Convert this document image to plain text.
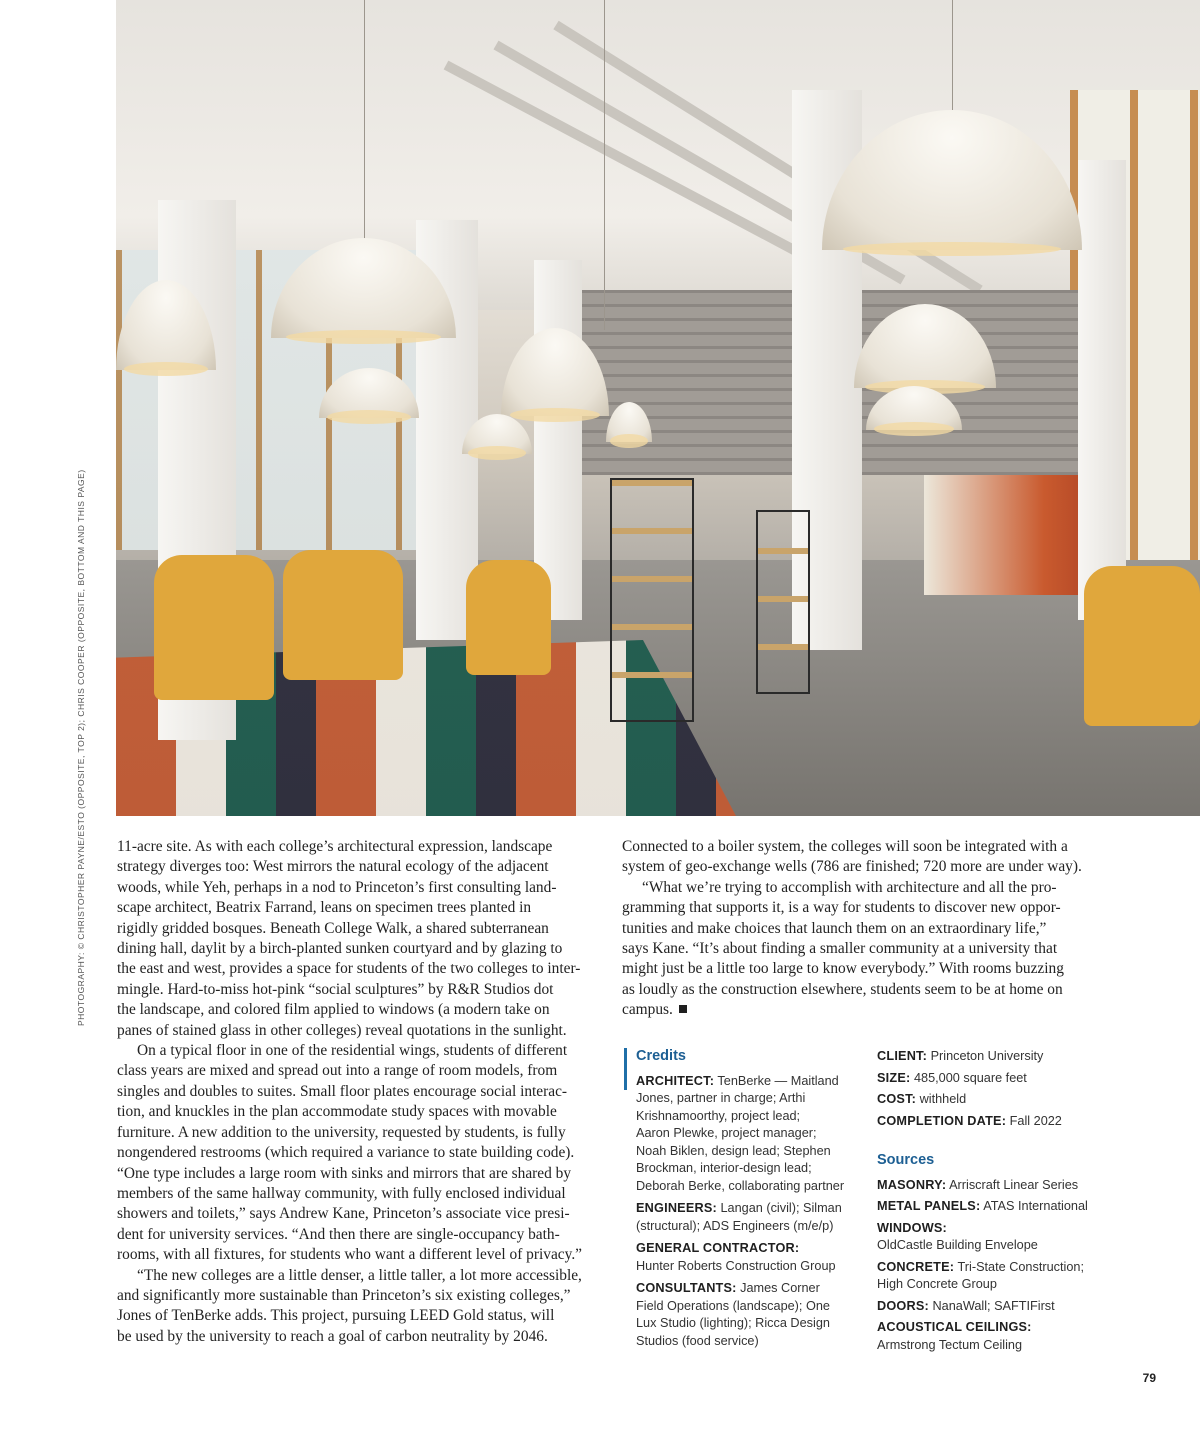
PHOTOGRAPHY: © CHRISTOPHER PAYNE/ESTO (OPPOSITE, TOP 2); CHRIS COOPER (OPPOSITE, BOTTOM AND THIS PAGE) 11-acre site. As with each college’s architectural expression, landscape
strategy diverges too: West mirrors the natural ecology of the adjacent
woods, while Yeh, perhaps in a nod to Princeton’s first consulting land-
scape architect, Beatrix Farrand, leans on specimen trees planted in
rigidly gridded bosques. Beneath College Walk, a shared subterranean
dining hall, daylit by a birch-planted sunken courtyard and by glazing to
the east and west, provides a space for students of the two colleges to inter-
mingle. Hard-to-miss hot-pink “social sculptures” by R&R Studios dot
the landscape, and colored film applied to windows (a modern take on
panes of stained glass in other colleges) reveal quotations in the sunlight.

On a typical floor in one of the residential wings, students of different
class years are mixed and spread out into a range of room models, from
singles and doubles to suites. Small floor plates encourage social interac-
tion, and knuckles in the plan accommodate study spaces with movable
furniture. A new addition to the university, requested by students, is fully
nongendered restrooms (which required a variance to state building code).
“One type includes a large room with sinks and mirrors that are shared by
members of the same hallway community, with fully enclosed individual
showers and toilets,” says Andrew Kane, Princeton’s associate vice presi-
dent for university services. “And then there are single-occupancy bath-
rooms, with all fixtures, for students who want a different level of privacy.”

“The new colleges are a little denser, a little taller, a lot more accessible,
and significantly more sustainable than Princeton’s six existing colleges,”
Jones of TenBerke adds. This project, pursuing LEED Gold status, will
be used by the university to reach a goal of carbon neutrality by 2046.

Connected to a boiler system, the colleges will soon be integrated with a
system of geo-exchange wells (786 are finished; 720 more are under way).

“What we’re trying to accomplish with architecture and all the pro-
gramming that supports it, is a way for students to discover new oppor-
tunities and make choices that launch them on an extraordinary life,”
says Kane. “It’s about finding a smaller community at a university that
might just be a little too large to know everybody.” With rooms buzzing
as loudly as the construction elsewhere, students seem to be at home on
campus.

Credits
ARCHITECT: TenBerke — Maitland
Jones, partner in charge; Arthi
Krishnamoorthy, project lead;
Aaron Plewke, project manager;
Noah Biklen, design lead; Stephen
Brockman, interior-design lead;
Deborah Berke, collaborating partner
ENGINEERS: Langan (civil); Silman
(structural); ADS Engineers (m/e/p)
GENERAL CONTRACTOR:
Hunter Roberts Construction Group
CONSULTANTS: James Corner
Field Operations (landscape); One
Lux Studio (lighting); Ricca Design
Studios (food service)
CLIENT: Princeton University
SIZE: 485,000 square feet
COST: withheld
COMPLETION DATE: Fall 2022
Sources
MASONRY: Arriscraft Linear Series
METAL PANELS: ATAS International
WINDOWS:
OldCastle Building Envelope
CONCRETE: Tri-State Construction;
High Concrete Group
DOORS: NanaWall; SAFTIFirst
ACOUSTICAL CEILINGS:
Armstrong Tectum Ceiling
79
